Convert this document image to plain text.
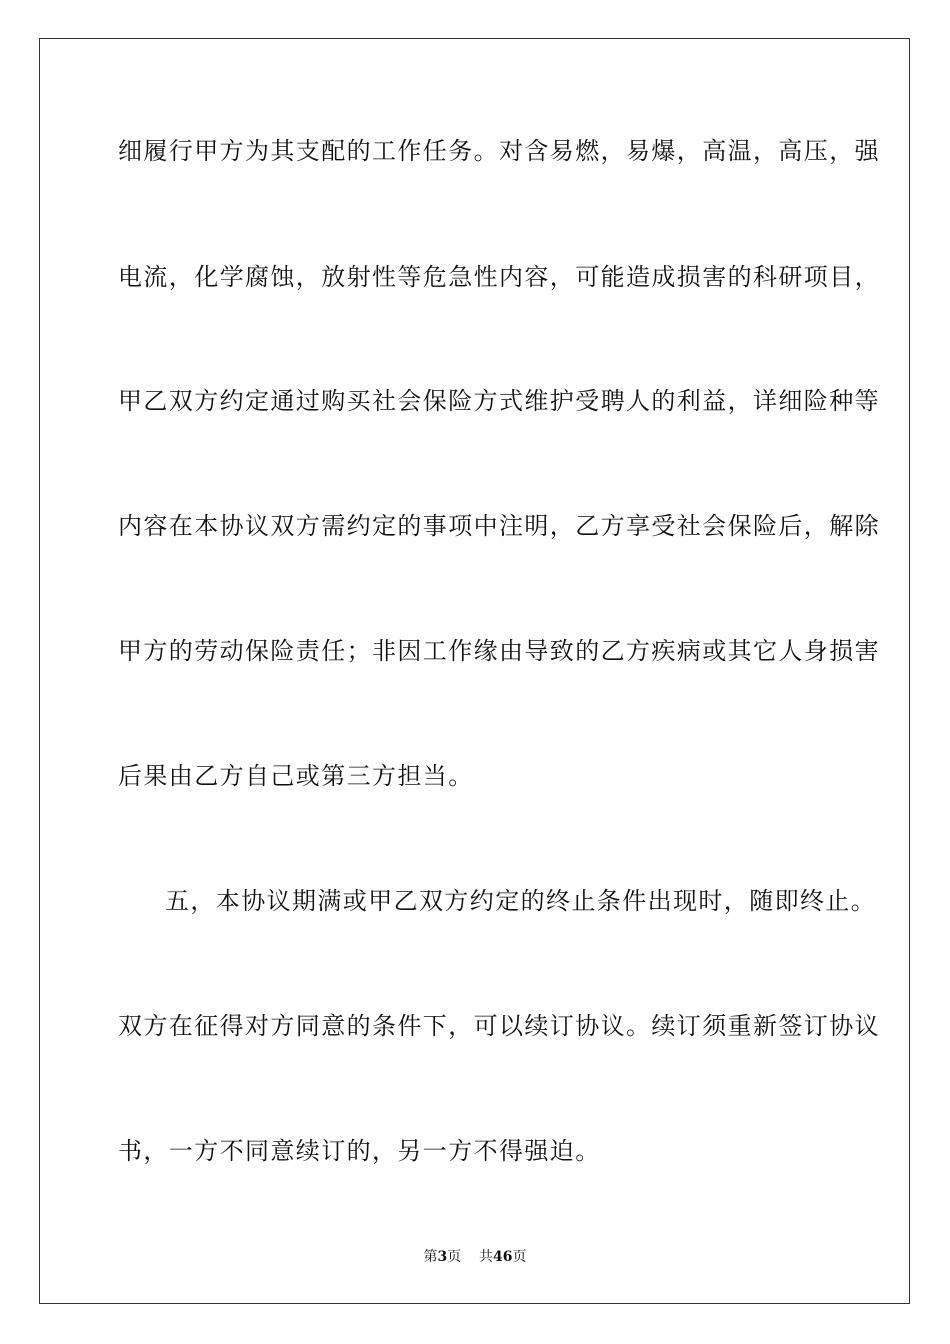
细履行甲方为其支配的工作任务。对含易燃，易爆，高温，高压，强
电流，化学腐蚀，放射性等危急性内容，可能造成损害的科研项目，
甲乙双方约定通过购买社会保险方式维护受聘人的利益，详细险种等
内容在本协议双方需约定的事项中注明，乙方享受社会保险后，解除
甲方的劳动保险责任；非因工作缘由导致的乙方疾病或其它人身损害
后果由乙方自己或第三方担当。
五，本协议期满或甲乙双方约定的终止条件出现时，随即终止。
双方在征得对方同意的条件下，可以续订协议。续订须重新签订协议
书，一方不同意续订的，另一方不得强迫。
第3页 共46页
